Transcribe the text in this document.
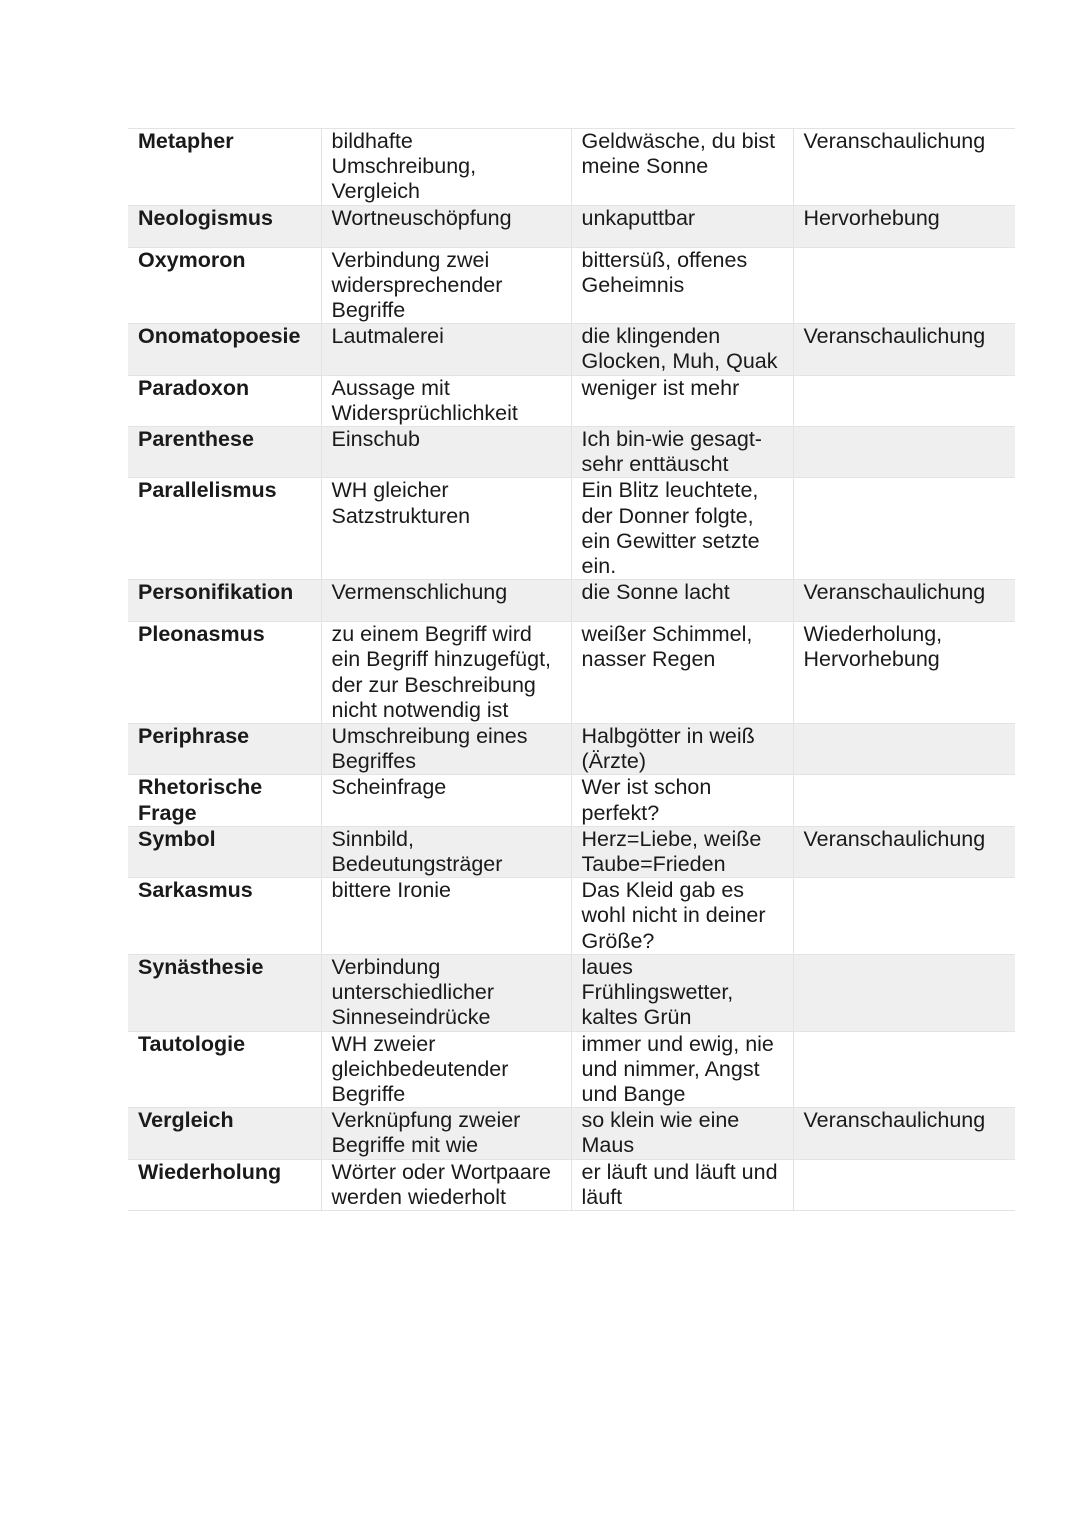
Metapher	bildhafte Umschreibung, Vergleich	Geldwäsche, du bist meine Sonne	Veranschaulichung
Neologismus	Wortneuschöpfung	unkaputtbar	Hervorhebung
Oxymoron	Verbindung zwei widersprechender Begriffe	bittersüß, offenes Geheimnis	
Onomatopoesie	Lautmalerei	die klingenden Glocken, Muh, Quak	Veranschaulichung
Paradoxon	Aussage mit Widersprüchlichkeit	weniger ist mehr	
Parenthese	Einschub	Ich bin-wie gesagt- sehr enttäuscht	
Parallelismus	WH gleicher Satzstrukturen	Ein Blitz leuchtete, der Donner folgte, ein Gewitter setzte ein.	
Personifikation	Vermenschlichung	die Sonne lacht	Veranschaulichung
Pleonasmus	zu einem Begriff wird ein Begriff hinzugefügt, der zur Beschreibung nicht notwendig ist	weißer Schimmel, nasser Regen	Wiederholung, Hervorhebung
Periphrase	Umschreibung eines Begriffes	Halbgötter in weiß (Ärzte)	
Rhetorische Frage	Scheinfrage	Wer ist schon perfekt?	
Symbol	Sinnbild, Bedeutungsträger	Herz=Liebe, weiße Taube=Frieden	Veranschaulichung
Sarkasmus	bittere Ironie	Das Kleid gab es wohl nicht in deiner Größe?	
Synästhesie	Verbindung unterschiedlicher Sinneseindrücke	laues Frühlingswetter, kaltes Grün	
Tautologie	WH zweier gleichbedeutender Begriffe	immer und ewig, nie und nimmer, Angst und Bange	
Vergleich	Verknüpfung zweier Begriffe mit wie	so klein wie eine Maus	Veranschaulichung
Wiederholung	Wörter oder Wortpaare werden wiederholt	er läuft und läuft und läuft	
